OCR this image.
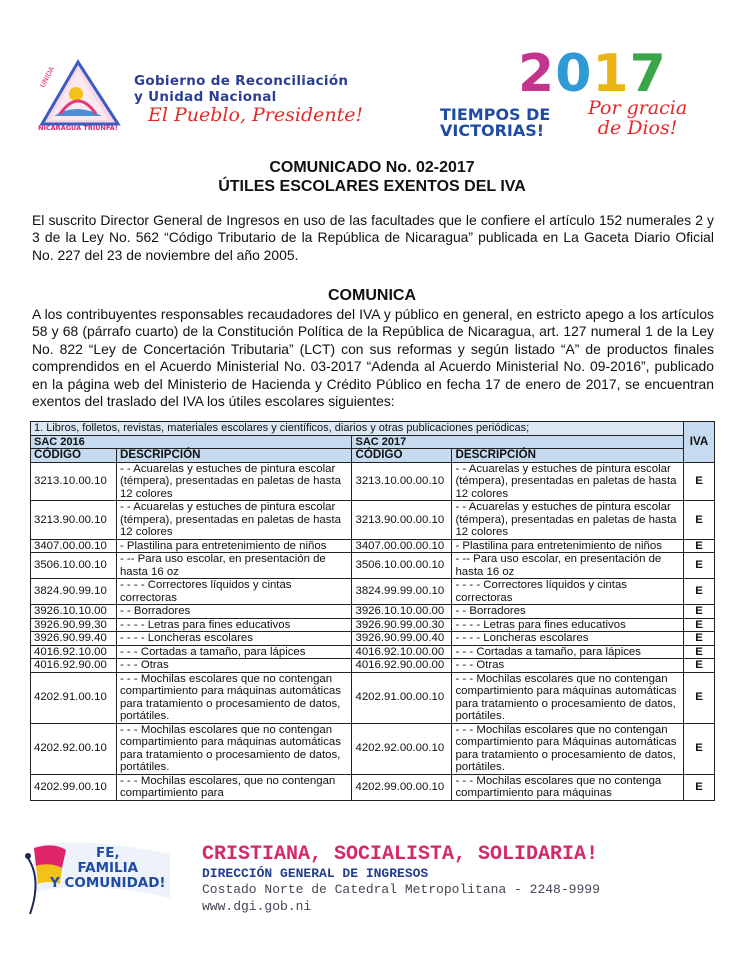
UNIDA
NICARAGUA TRIUNFA!
Gobierno de Reconciliación
y Unidad Nacional
El Pueblo, Presidente!
2017
TIEMPOS DE
VICTORIAS!
Por gracia
de Dios!
COMUNICADO No. 02-2017
ÚTILES ESCOLARES EXENTOS DEL IVA
El suscrito Director General de Ingresos en uso de las facultades que le confiere el artículo 152 numerales 2 y 3 de la Ley No. 562 “Código Tributario de la República de Nicaragua” publicada en La Gaceta Diario Oficial No. 227 del 23 de noviembre del año 2005.
COMUNICA
A los contribuyentes responsables recaudadores del IVA y público en general, en estricto apego a los artículos 58 y 68 (párrafo cuarto) de la Constitución Política de la República de Nicaragua, art. 127 numeral 1 de la Ley No. 822 “Ley de Concertación Tributaria” (LCT) con sus reformas y según listado “A” de productos finales comprendidos en el Acuerdo Ministerial No. 03-2017 “Adenda al Acuerdo Ministerial No. 09-2016”, publicado en la página web del Ministerio de Hacienda y Crédito Público en fecha 17 de enero de 2017, se encuentran exentos del traslado del IVA los útiles escolares siguientes:
1. Libros, folletos, revistas, materiales escolares y científicos, diarios y otras publicaciones periódicas;				IVA
SAC 2016		SAC 2017		
CÓDIGO	DESCRIPCIÓN	CÓDIGO	DESCRIPCIÓN	
3213.10.00.10	- - Acuarelas y estuches de pintura escolar (témpera), presentadas en paletas de hasta 12 colores	3213.10.00.00.10	- - Acuarelas y estuches de pintura escolar (témpera), presentadas en paletas de hasta 12 colores	E
3213.90.00.10	- - Acuarelas y estuches de pintura escolar (témpera), presentadas en paletas de hasta 12 colores	3213.90.00.00.10	- - Acuarelas y estuches de pintura escolar (témpera), presentadas en paletas de hasta 12 colores	E
3407.00.00.10	- Plastilina para entretenimiento de niños	3407.00.00.00.10	- Plastilina para entretenimiento de niños	E
3506.10.00.10	- -- Para uso escolar, en presentación de hasta 16 oz	3506.10.00.00.10	- -- Para uso escolar, en presentación de hasta 16 oz	E
3824.90.99.10	- - - - Correctores líquidos y cintas correctoras	3824.99.99.00.10	- - - - Correctores líquidos y cintas correctoras	E
3926.10.10.00	- - Borradores	3926.10.10.00.00	- - Borradores	E
3926.90.99.30	- - - - Letras para fines educativos	3926.90.99.00.30	- - - - Letras para fines educativos	E
3926.90.99.40	- - - - Loncheras escolares	3926.90.99.00.40	- - - - Loncheras escolares	E
4016.92.10.00	- - - Cortadas a tamaño, para lápices	4016.92.10.00.00	- - - Cortadas a tamaño, para lápices	E
4016.92.90.00	- - - Otras	4016.92.90.00.00	- - - Otras	E
4202.91.00.10	- - - Mochilas escolares que no contengan compartimiento para máquinas automáticas para tratamiento o procesamiento de datos, portátiles.	4202.91.00.00.10	- - - Mochilas escolares que no contengan compartimiento para máquinas automáticas para tratamiento o procesamiento de datos, portátiles.	E
4202.92.00.10	- - - Mochilas escolares que no contengan compartimiento para máquinas automáticas para tratamiento o procesamiento de datos, portátiles.	4202.92.00.00.10	- - - Mochilas escolares que no contengan compartimiento para Máquinas automáticas para tratamiento o procesamiento de datos, portátiles.	E
4202.99.00.10	- - - Mochilas escolares, que no contengan compartimiento para	4202.99.00.00.10	- - - Mochilas escolares que no contenga compartimiento para máquinas	E
FE,
FAMILIA
Y COMUNIDAD!
CRISTIANA, SOCIALISTA, SOLIDARIA!
DIRECCIÓN GENERAL DE INGRESOS
Costado Norte de Catedral Metropolitana - 2248-9999
www.dgi.gob.ni
